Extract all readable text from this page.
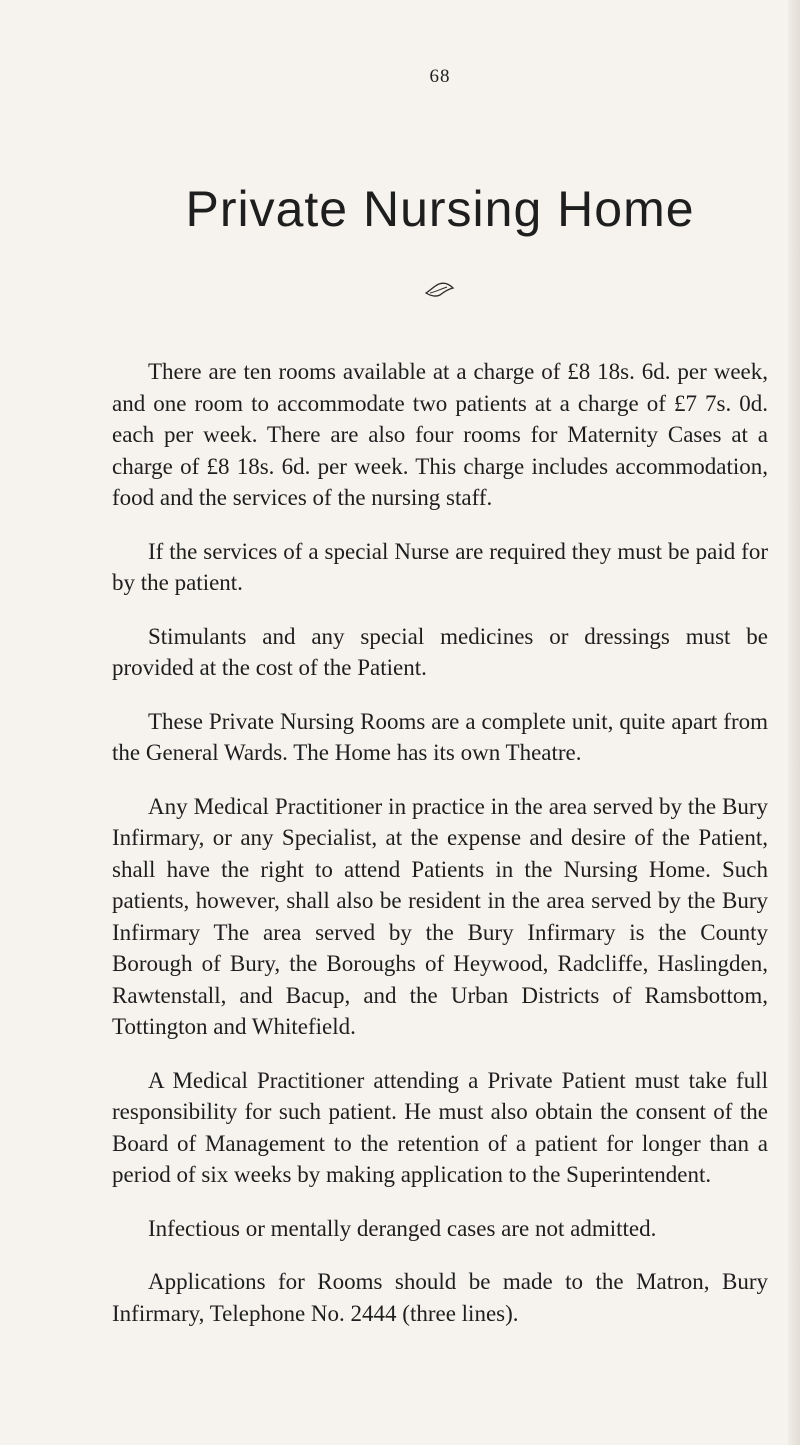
68
Private Nursing Home

There are ten rooms available at a charge of £8 18s. 6d. per week, and one room to accommodate two patients at a charge of £7 7s. 0d. each per week. There are also four rooms for Maternity Cases at a charge of £8 18s. 6d. per week. This charge includes accommodation, food and the services of the nursing staff.

If the services of a special Nurse are required they must be paid for by the patient.

Stimulants and any special medicines or dressings must be provided at the cost of the Patient.

These Private Nursing Rooms are a complete unit, quite apart from the General Wards. The Home has its own Theatre.

Any Medical Practitioner in practice in the area served by the Bury Infirmary, or any Specialist, at the expense and desire of the Patient, shall have the right to attend Patients in the Nursing Home. Such patients, however, shall also be resident in the area served by the Bury Infirmary The area served by the Bury Infirmary is the County Borough of Bury, the Boroughs of Heywood, Radcliffe, Haslingden, Rawtenstall, and Bacup, and the Urban Districts of Ramsbottom, Tottington and Whitefield.

A Medical Practitioner attending a Private Patient must take full responsibility for such patient. He must also obtain the consent of the Board of Management to the retention of a patient for longer than a period of six weeks by making application to the Superintendent.

Infectious or mentally deranged cases are not admitted.

Applications for Rooms should be made to the Matron, Bury Infirmary, Telephone No. 2444 (three lines).
